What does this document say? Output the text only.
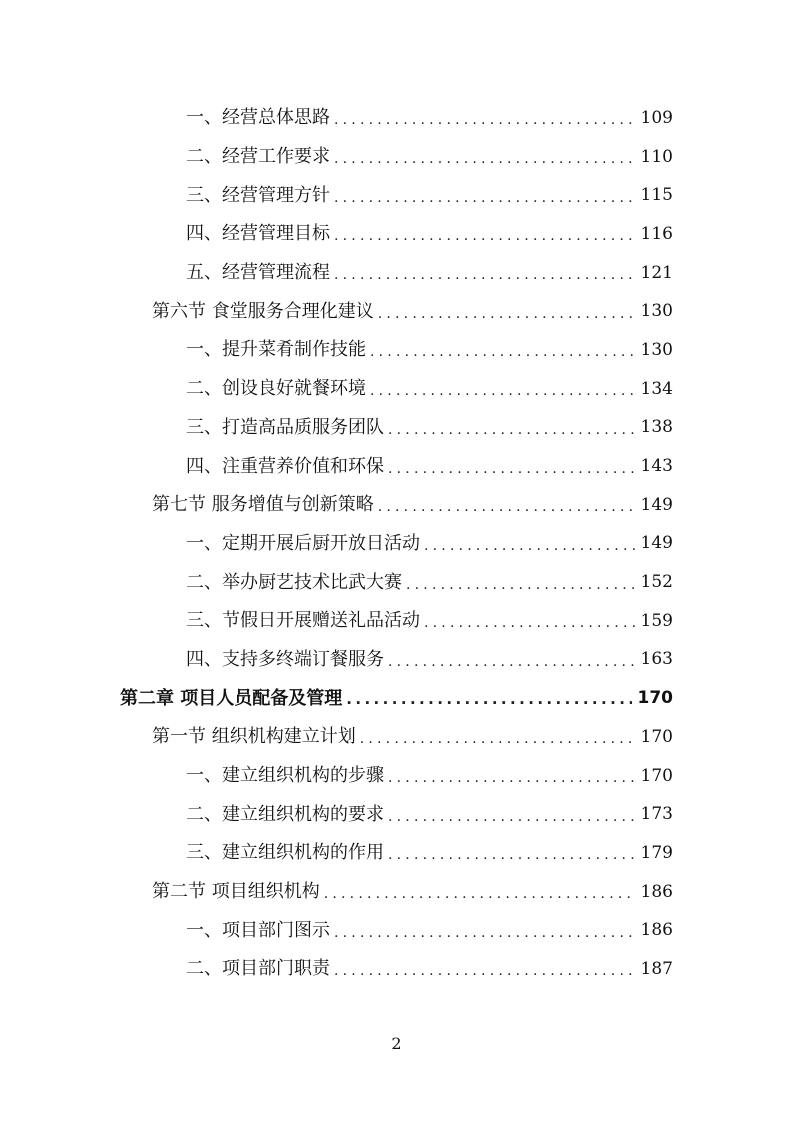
一、经营总体思路 .....	109
二、经营工作要求 .....	110
三、经营管理方针 .....	115
四、经营管理目标 .....	116
五、经营管理流程 .....	121
第六节 食堂服务合理化建议 .....	130
一、提升菜肴制作技能 .....	130
二、创设良好就餐环境 .....	134
三、打造高品质服务团队 .....	138
四、注重营养价值和环保 .....	143
第七节 服务增值与创新策略 .....	149
一、定期开展后厨开放日活动 .....	149
二、举办厨艺技术比武大赛 .....	152
三、节假日开展赠送礼品活动 .....	159
四、支持多终端订餐服务 .....	163
第二章 项目人员配备及管理 .....	170
第一节 组织机构建立计划 .....	170
一、建立组织机构的步骤 .....	170
二、建立组织机构的要求 .....	173
三、建立组织机构的作用 .....	179
第二节 项目组织机构 .....	186
一、项目部门图示 .....	186
二、项目部门职责 .....	187
2
